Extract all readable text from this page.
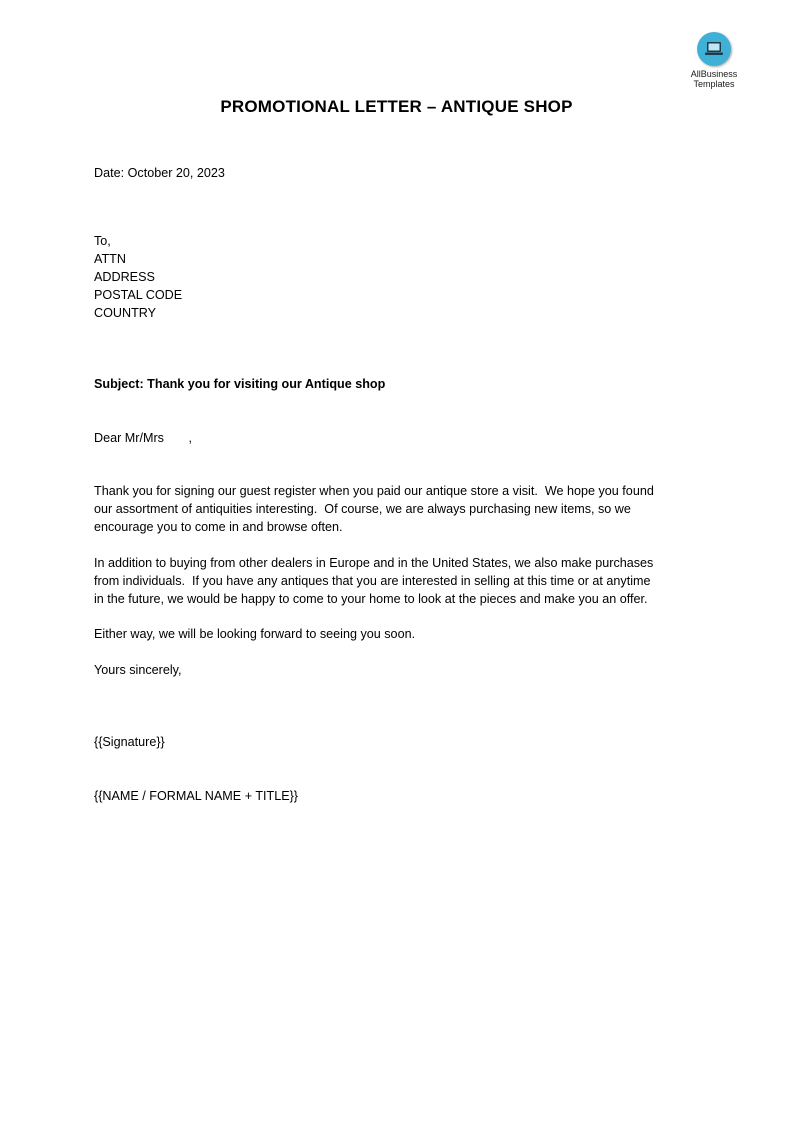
AllBusiness
Templates
PROMOTIONAL LETTER – ANTIQUE SHOP
Date: October 20, 2023
To,
ATTN
ADDRESS
POSTAL CODE
COUNTRY
Subject: Thank you for visiting our Antique shop
Dear Mr/Mrs       ,
Thank you for signing our guest register when you paid our antique store a visit.  We hope you found
our assortment of antiquities interesting.  Of course, we are always purchasing new items, so we
encourage you to come in and browse often.
In addition to buying from other dealers in Europe and in the United States, we also make purchases
from individuals.  If you have any antiques that you are interested in selling at this time or at anytime
in the future, we would be happy to come to your home to look at the pieces and make you an offer.
Either way, we will be looking forward to seeing you soon.
Yours sincerely,
{{Signature}}
{{NAME / FORMAL NAME + TITLE}}
